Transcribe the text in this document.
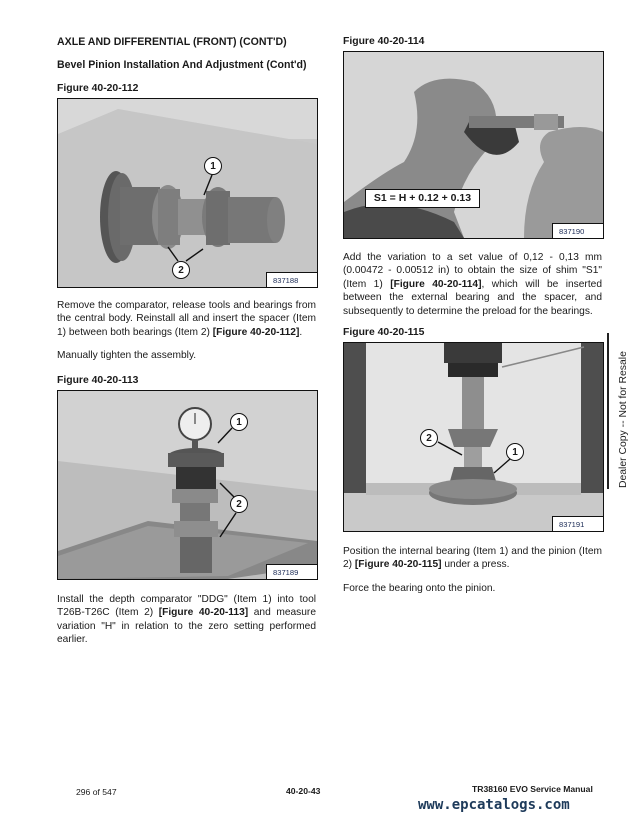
AXLE AND DIFFERENTIAL (FRONT) (CONT'D)
Bevel Pinion Installation And Adjustment (Cont'd)
Figure 40-20-112
1
2
837188
Remove the comparator, release tools and bearings from the central body. Reinstall all and insert the spacer (Item 1) between both bearings (Item 2) [Figure 40-20-112].
Manually tighten the assembly.
Figure 40-20-113
1
2
837189
Install the depth comparator "DDG" (Item 1) into tool T26B-T26C (Item 2) [Figure 40-20-113] and measure variation "H" in relation to the zero setting performed earlier.
Figure 40-20-114
S1 = H + 0.12 + 0.13
837190
Add the variation to a set value of 0,12 - 0,13 mm (0.00472 - 0.00512 in) to obtain the size of shim "S1" (Item 1) [Figure 40-20-114], which will be inserted between the external bearing and the spacer, and subsequently to determine the preload for the bearings.
Figure 40-20-115
2
1
837191
Position the internal bearing (Item 1) and the pinion (Item 2) [Figure 40-20-115] under a press.
Force the bearing onto the pinion.
Dealer Copy -- Not for Resale
296 of 547	40-20-43	TR38160 EVO Service Manual
www.epcatalogs.com
